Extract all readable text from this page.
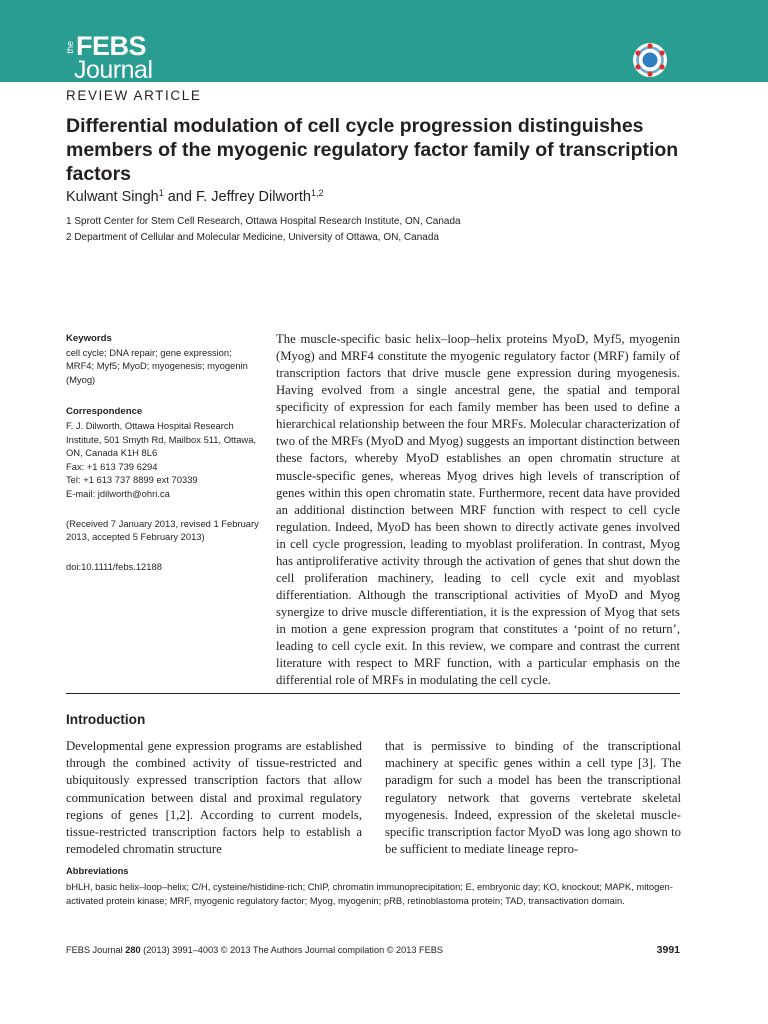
the FEBS
Journal
REVIEW ARTICLE
Differential modulation of cell cycle progression distinguishes members of the myogenic regulatory factor family of transcription factors
Kulwant Singh$^1$ and F. Jeffrey Dilworth$^{1,2}$
1 Sprott Center for Stem Cell Research, Ottawa Hospital Research Institute, ON, Canada
2 Department of Cellular and Molecular Medicine, University of Ottawa, ON, Canada
Keywords
cell cycle; DNA repair; gene expression; MRF4; Myf5; MyoD; myogenesis; myogenin (Myog)
Correspondence
F. J. Dilworth, Ottawa Hospital Research Institute, 501 Smyth Rd, Mailbox 511, Ottawa, ON, Canada K1H 8L6
Fax: +1 613 739 6294
Tel: +1 613 737 8899 ext 70339
E-mail: jdilworth@ohri.ca
(Received 7 January 2013, revised 1 February 2013, accepted 5 February 2013)
doi:10.1111/febs.12188

The muscle-specific basic helix–loop–helix proteins MyoD, Myf5, myogenin (Myog) and MRF4 constitute the myogenic regulatory factor (MRF) family of transcription factors that drive muscle gene expression during myogenesis. Having evolved from a single ancestral gene, the spatial and temporal specificity of expression for each family member has been used to define a hierarchical relationship between the four MRFs. Molecular characterization of two of the MRFs (MyoD and Myog) suggests an important distinction between these factors, whereby MyoD establishes an open chromatin structure at muscle-specific genes, whereas Myog drives high levels of transcription of genes within this open chromatin state. Furthermore, recent data have provided an additional distinction between MRF function with respect to cell cycle regulation. Indeed, MyoD has been shown to directly activate genes involved in cell cycle progression, leading to myoblast proliferation. In contrast, Myog has antiproliferative activity through the activation of genes that shut down the cell proliferation machinery, leading to cell cycle exit and myoblast differentiation. Although the transcriptional activities of MyoD and Myog synergize to drive muscle differentiation, it is the expression of Myog that sets in motion a gene expression program that constitutes a ‘point of no return’, leading to cell cycle exit. In this review, we compare and contrast the current literature with respect to MRF function, with a particular emphasis on the differential role of MRFs in modulating the cell cycle.

Introduction

Developmental gene expression programs are established through the combined activity of tissue-restricted and ubiquitously expressed transcription factors that allow communication between distal and proximal regulatory regions of genes [1,2]. According to current models, tissue-restricted transcription factors help to establish a remodeled chromatin structure

that is permissive to binding of the transcriptional machinery at specific genes within a cell type [3]. The paradigm for such a model has been the transcriptional regulatory network that governs vertebrate skeletal myogenesis. Indeed, expression of the skeletal muscle-specific transcription factor MyoD was long ago shown to be sufficient to mediate lineage repro-

Abbreviations
bHLH, basic helix–loop–helix; C/H, cysteine/histidine-rich; ChIP, chromatin immunoprecipitation; E, embryonic day; KO, knockout; MAPK, mitogen-activated protein kinase; MRF, myogenic regulatory factor; Myog, myogenin; pRB, retinoblastoma protein; TAD, transactivation domain.
FEBS Journal 280 (2013) 3991–4003 © 2013 The Authors Journal compilation © 2013 FEBS	3991
